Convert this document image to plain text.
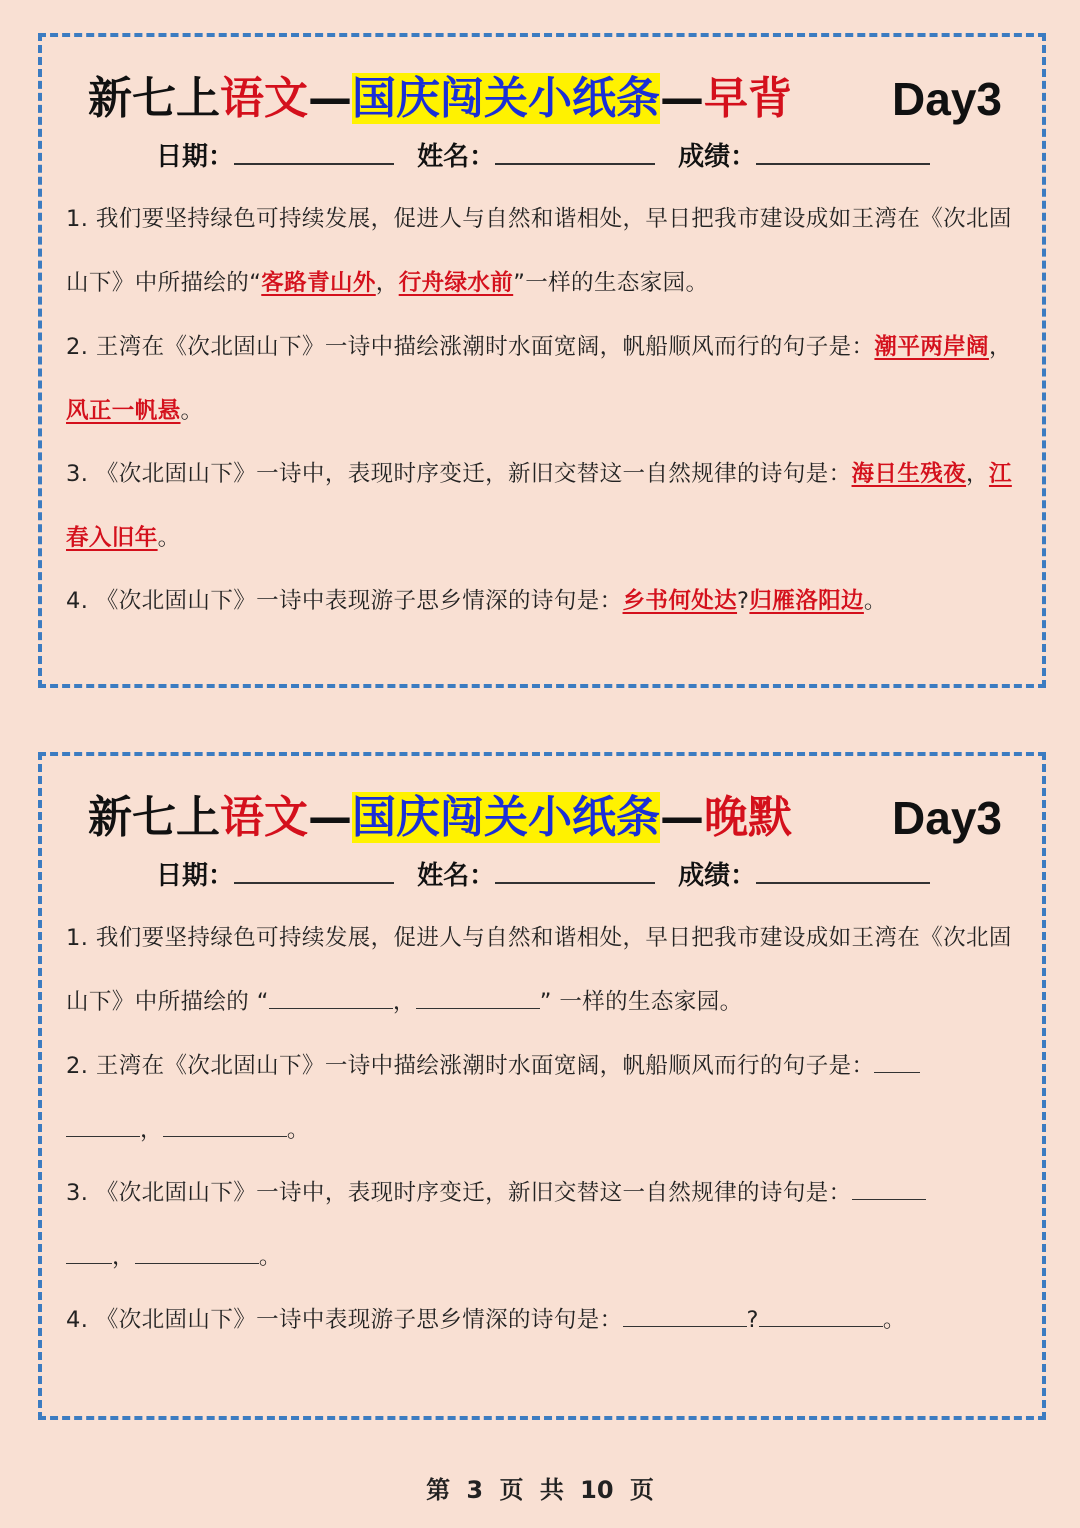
新七上语文—国庆闯关小纸条—早背 Day3
日期：	姓名：	成绩：
1. 我们要坚持绿色可持续发展，促进人与自然和谐相处，早日把我市建设成如王湾在《次北固山下》中所描绘的“客路青山外，行舟绿水前”一样的生态家园。
2. 王湾在《次北固山下》一诗中描绘涨潮时水面宽阔，帆船顺风而行的句子是：潮平两岸阔，风正一帆悬。
3. 《次北固山下》一诗中，表现时序变迁，新旧交替这一自然规律的诗句是：海日生残夜，江春入旧年。
4. 《次北固山下》一诗中表现游子思乡情深的诗句是：乡书何处达?归雁洛阳边。
新七上语文—国庆闯关小纸条—晚默 Day3
日期：	姓名：	成绩：
1. 我们要坚持绿色可持续发展，促进人与自然和谐相处，早日把我市建设成如王湾在《次北固山下》中所描绘的 “	，	” 一样的生态家园。
2. 王湾在《次北固山下》一诗中描绘涨潮时水面宽阔，帆船顺风而行的句子是：
，	。
3. 《次北固山下》一诗中，表现时序变迁，新旧交替这一自然规律的诗句是：
，	。
4. 《次北固山下》一诗中表现游子思乡情深的诗句是：	?	。
第 3 页 共 10 页
